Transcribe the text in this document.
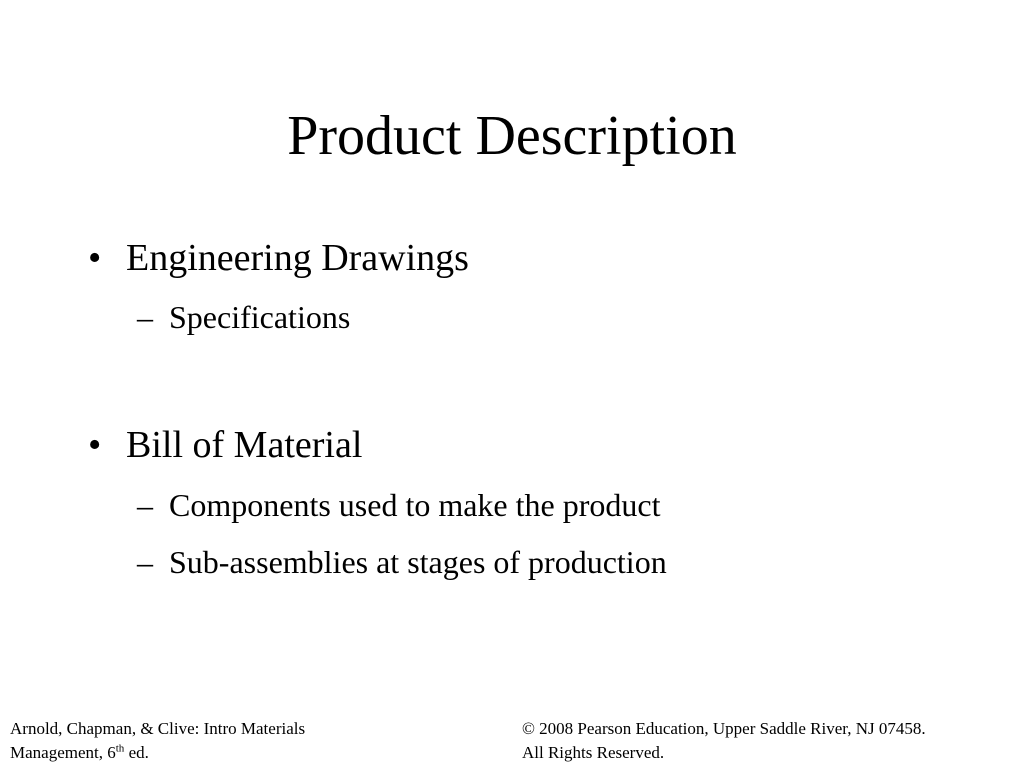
Product Description
• Engineering Drawings
– Specifications
• Bill of Material
– Components used to make the product
– Sub-assemblies at stages of production
Arnold, Chapman, & Clive: Intro Materials
Management, 6th ed.
© 2008 Pearson Education, Upper Saddle River, NJ 07458.
All Rights Reserved.
